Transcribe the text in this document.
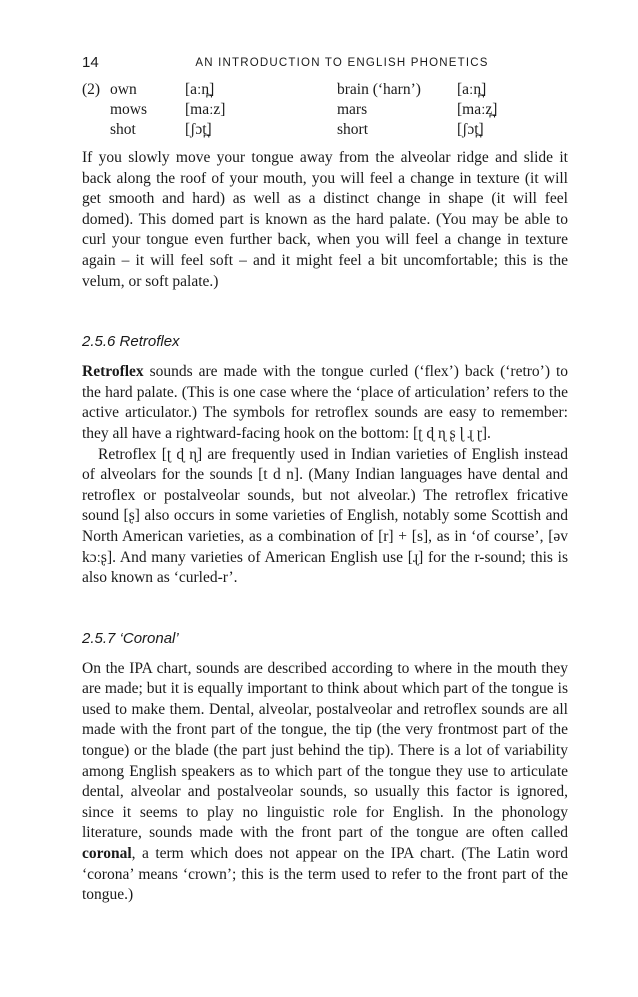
14	AN INTRODUCTION TO ENGLISH PHONETICS
(2)	own	[aːn̪]	brain (‘harn’)	[aːn̪]
	mows	[maːz]	mars	[maːz̪]
	shot	[ʃɔt̪]	short	[ʃɔt̪]

If you slowly move your tongue away from the alveolar ridge and slide it back along the roof of your mouth, you will feel a change in texture (it will get smooth and hard) as well as a distinct change in shape (it will feel domed). This domed part is known as the hard palate. (You may be able to curl your tongue even further back, when you will feel a change in texture again – it will feel soft – and it might feel a bit uncomfortable; this is the velum, or soft palate.)

2.5.6 Retroflex

Retroflex sounds are made with the tongue curled (‘flex’) back (‘retro’) to the hard palate. (This is one case where the ‘place of articulation’ refers to the active articulator.) The symbols for retroflex sounds are easy to remember: they all have a rightward-facing hook on the bottom: [ʈ ɖ ɳ ʂ ɭ ɻ ɽ].

Retroflex [ʈ ɖ ɳ] are frequently used in Indian varieties of English instead of alveolars for the sounds [t d n]. (Many Indian languages have dental and retroflex or postalveolar sounds, but not alveolar.) The retroflex fricative sound [ʂ] also occurs in some varieties of English, notably some Scottish and North American varieties, as a combination of [r] + [s], as in ‘of course’, [əv kɔːʂ]. And many varieties of American English use [ɻ] for the r-sound; this is also known as ‘curled-r’.

2.5.7 ‘Coronal’

On the IPA chart, sounds are described according to where in the mouth they are made; but it is equally important to think about which part of the tongue is used to make them. Dental, alveolar, postalveolar and retroflex sounds are all made with the front part of the tongue, the tip (the very frontmost part of the tongue) or the blade (the part just behind the tip). There is a lot of variability among English speakers as to which part of the tongue they use to articulate dental, alveolar and postalveolar sounds, so usually this factor is ignored, since it seems to play no linguistic role for English. In the phonology literature, sounds made with the front part of the tongue are often called coronal, a term which does not appear on the IPA chart. (The Latin word ‘corona’ means ‘crown’; this is the term used to refer to the front part of the tongue.)
